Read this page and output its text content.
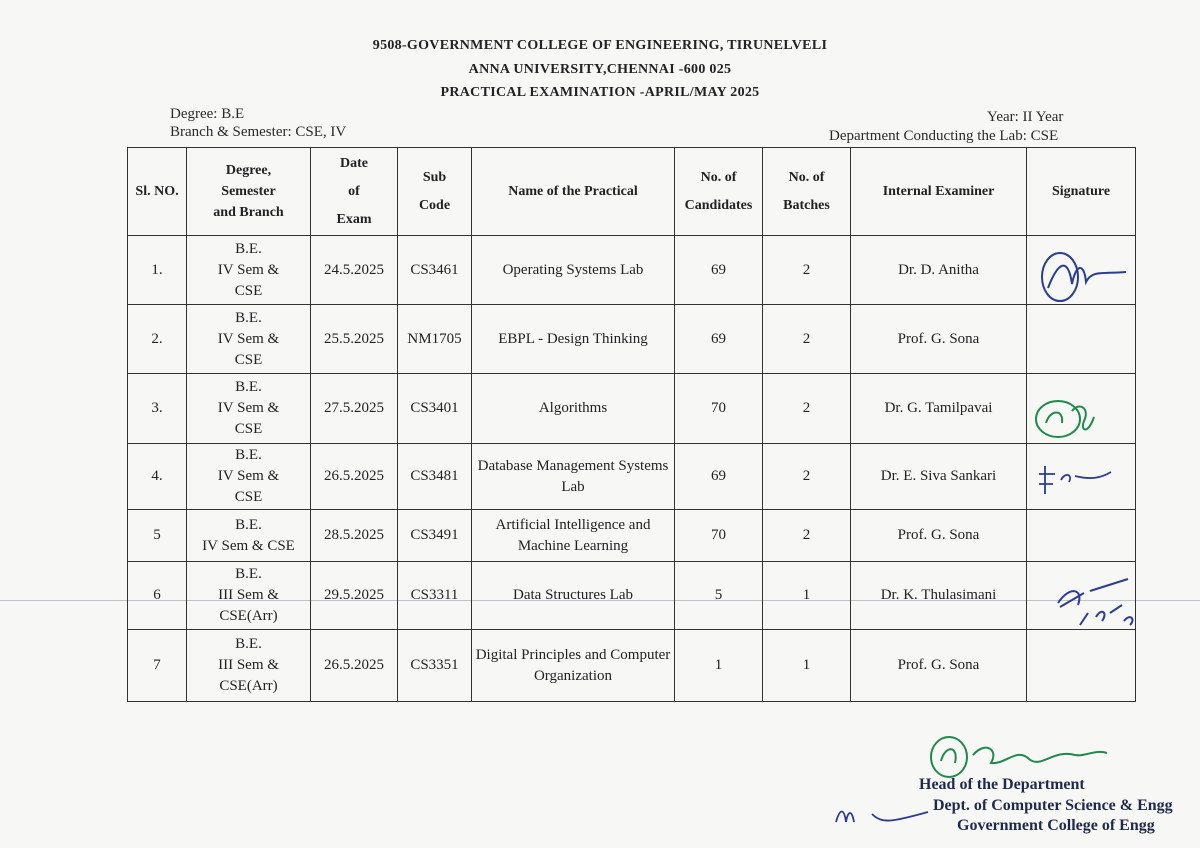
9508-GOVERNMENT COLLEGE OF ENGINEERING, TIRUNELVELI
ANNA UNIVERSITY,CHENNAI -600 025
PRACTICAL EXAMINATION -APRIL/MAY 2025
Degree: B.E
Branch & Semester: CSE, IV
Year: II Year
Department Conducting the Lab: CSE
Sl. NO.	Degree, Semester and Branch	Date of Exam	Sub Code	Name of the Practical	No. of Candidates	No. of Batches	Internal Examiner	Signature
1.	B.E.
IV Sem &
CSE	24.5.2025	CS3461	Operating Systems Lab	69	2	Dr. D. Anitha	
2.	B.E.
IV Sem &
CSE	25.5.2025	NM1705	EBPL - Design Thinking	69	2	Prof. G. Sona	
3.	B.E.
IV Sem &
CSE	27.5.2025	CS3401	Algorithms	70	2	Dr. G. Tamilpavai	
4.	B.E.
IV Sem &
CSE	26.5.2025	CS3481	Database Management Systems Lab	69	2	Dr. E. Siva Sankari	
5	B.E.
IV Sem & CSE	28.5.2025	CS3491	Artificial Intelligence and Machine Learning	70	2	Prof. G. Sona	
6	B.E.
III Sem &
CSE(Arr)	29.5.2025	CS3311	Data Structures Lab	5	1	Dr. K. Thulasimani	
7	B.E.
III Sem &
CSE(Arr)	26.5.2025	CS3351	Digital Principles and Computer Organization	1	1	Prof. G. Sona	
Head of the Department
Dept. of Computer Science & Engg
Government College of Engg
